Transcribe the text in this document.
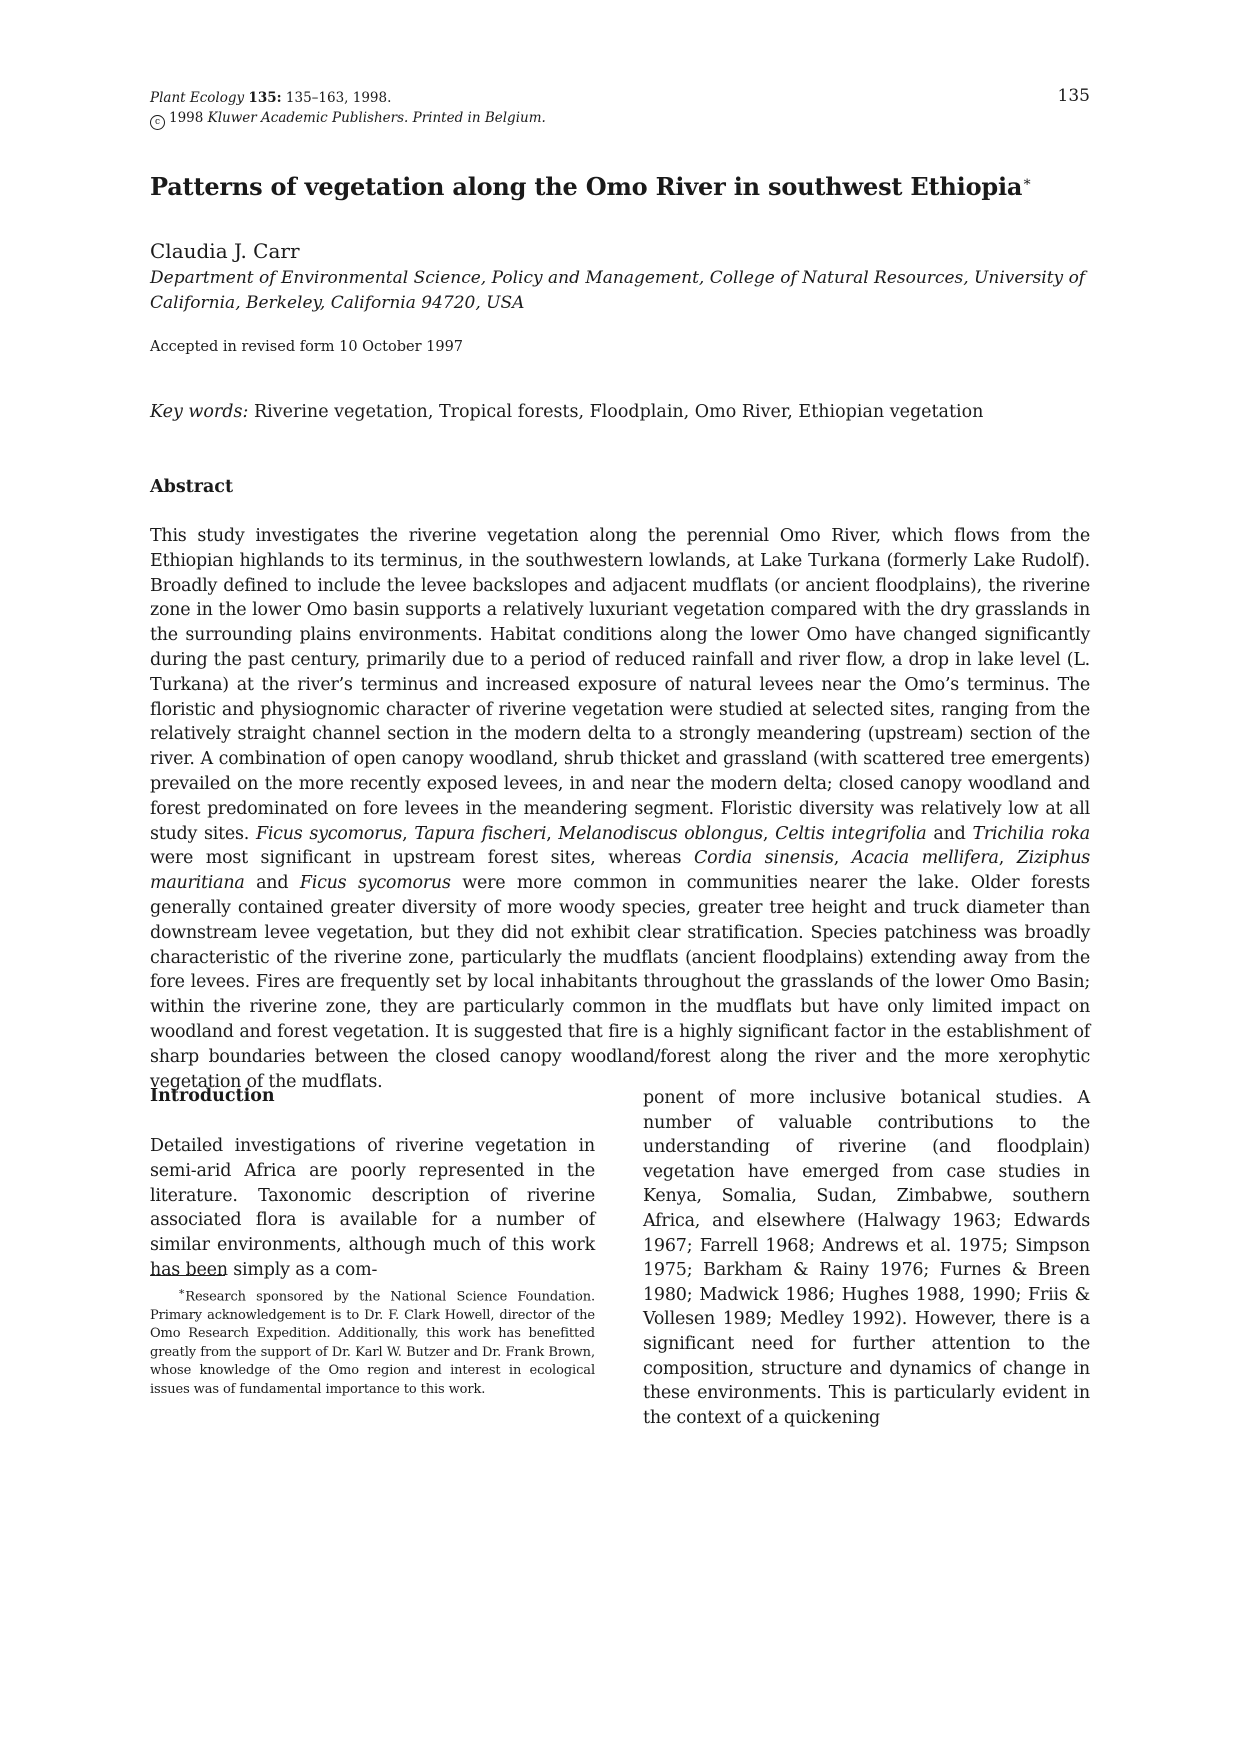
Plant Ecology 135: 135–163, 1998.
c 1998 Kluwer Academic Publishers. Printed in Belgium.
135
Patterns of vegetation along the Omo River in southwest Ethiopia∗
Claudia J. Carr
Department of Environmental Science, Policy and Management, College of Natural Resources, University of California, Berkeley, California 94720, USA
Accepted in revised form 10 October 1997
Key words: Riverine vegetation, Tropical forests, Floodplain, Omo River, Ethiopian vegetation
Abstract
This study investigates the riverine vegetation along the perennial Omo River, which flows from the Ethiopian highlands to its terminus, in the southwestern lowlands, at Lake Turkana (formerly Lake Rudolf). Broadly defined to include the levee backslopes and adjacent mudflats (or ancient floodplains), the riverine zone in the lower Omo basin supports a relatively luxuriant vegetation compared with the dry grasslands in the surrounding plains environments. Habitat conditions along the lower Omo have changed significantly during the past century, primarily due to a period of reduced rainfall and river flow, a drop in lake level (L. Turkana) at the river’s terminus and increased exposure of natural levees near the Omo’s terminus. The floristic and physiognomic character of riverine vegetation were studied at selected sites, ranging from the relatively straight channel section in the modern delta to a strongly meandering (upstream) section of the river. A combination of open canopy woodland, shrub thicket and grassland (with scattered tree emergents) prevailed on the more recently exposed levees, in and near the modern delta; closed canopy woodland and forest predominated on fore levees in the meandering segment. Floristic diversity was relatively low at all study sites. Ficus sycomorus, Tapura fischeri, Melanodiscus oblongus, Celtis integrifolia and Trichilia roka were most significant in upstream forest sites, whereas Cordia sinensis, Acacia mellifera, Ziziphus mauritiana and Ficus sycomorus were more common in communities nearer the lake. Older forests generally contained greater diversity of more woody species, greater tree height and truck diameter than downstream levee vegetation, but they did not exhibit clear stratification. Species patchiness was broadly characteristic of the riverine zone, particularly the mudflats (ancient floodplains) extending away from the fore levees. Fires are frequently set by local inhabitants throughout the grasslands of the lower Omo Basin; within the riverine zone, they are particularly common in the mudflats but have only limited impact on woodland and forest vegetation. It is suggested that fire is a highly significant factor in the establishment of sharp boundaries between the closed canopy woodland/forest along the river and the more xerophytic vegetation of the mudflats.
Introduction
Detailed investigations of riverine vegetation in semi-arid Africa are poorly represented in the literature. Taxonomic description of riverine associated flora is available for a number of similar environments, although much of this work has been simply as a com-
∗Research sponsored by the National Science Foundation. Primary acknowledgement is to Dr. F. Clark Howell, director of the Omo Research Expedition. Additionally, this work has benefitted greatly from the support of Dr. Karl W. Butzer and Dr. Frank Brown, whose knowledge of the Omo region and interest in ecological issues was of fundamental importance to this work.
ponent of more inclusive botanical studies. A number of valuable contributions to the understanding of riverine (and floodplain) vegetation have emerged from case studies in Kenya, Somalia, Sudan, Zimbabwe, southern Africa, and elsewhere (Halwagy 1963; Edwards 1967; Farrell 1968; Andrews et al. 1975; Simpson 1975; Barkham & Rainy 1976; Furnes & Breen 1980; Madwick 1986; Hughes 1988, 1990; Friis & Vollesen 1989; Medley 1992). However, there is a significant need for further attention to the composition, structure and dynamics of change in these environments. This is particularly evident in the context of a quickening
